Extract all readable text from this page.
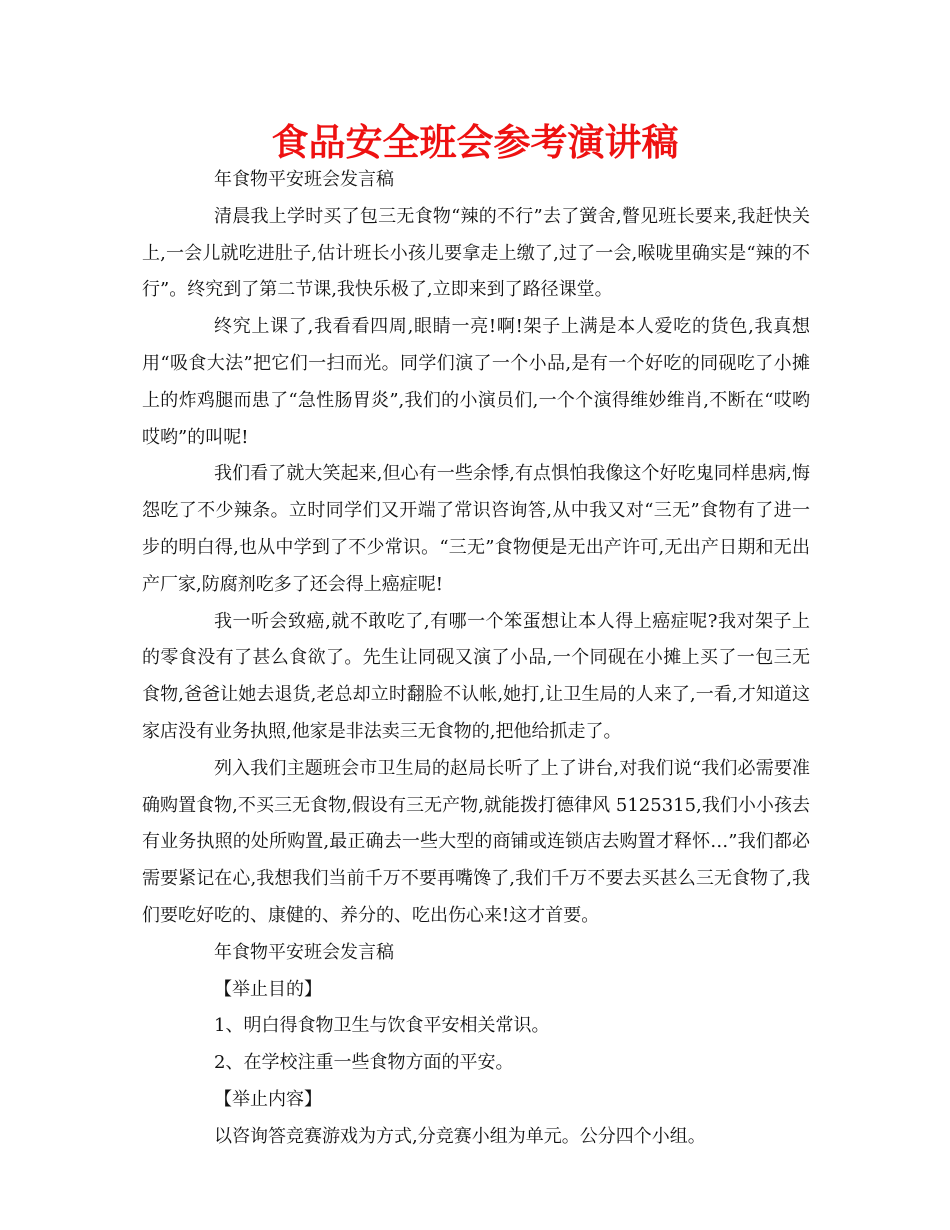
食品安全班会参考演讲稿

年食物平安班会发言稿

清晨我上学时买了包三无食物“辣的不行”去了黉舍,瞥见班长要来,我赶快关上,一会儿就吃进肚子,估计班长小孩儿要拿走上缴了,过了一会,喉咙里确实是“辣的不行”。终究到了第二节课,我快乐极了,立即来到了路径课堂。

终究上课了,我看看四周,眼睛一亮!啊!架子上满是本人爱吃的货色,我真想用“吸食大法”把它们一扫而光。同学们演了一个小品,是有一个好吃的同砚吃了小摊上的炸鸡腿而患了“急性肠胃炎”,我们的小演员们,一个个演得维妙维肖,不断在“哎哟哎哟”的叫呢!

我们看了就大笑起来,但心有一些余悸,有点惧怕我像这个好吃鬼同样患病,悔怨吃了不少辣条。立时同学们又开端了常识咨询答,从中我又对“三无”食物有了进一步的明白得,也从中学到了不少常识。“三无”食物便是无出产许可,无出产日期和无出产厂家,防腐剂吃多了还会得上癌症呢!

我一听会致癌,就不敢吃了,有哪一个笨蛋想让本人得上癌症呢?我对架子上的零食没有了甚么食欲了。先生让同砚又演了小品,一个同砚在小摊上买了一包三无食物,爸爸让她去退货,老总却立时翻脸不认帐,她打,让卫生局的人来了,一看,才知道这家店没有业务执照,他家是非法卖三无食物的,把他给抓走了。

列入我们主题班会市卫生局的赵局长听了上了讲台,对我们说“我们必需要准确购置食物,不买三无食物,假设有三无产物,就能拨打德律风 5125315,我们小小孩去有业务执照的处所购置,最正确去一些大型的商铺或连锁店去购置才释怀…”我们都必需要紧记在心,我想我们当前千万不要再嘴馋了,我们千万不要去买甚么三无食物了,我们要吃好吃的、康健的、养分的、吃出伤心来!这才首要。

年食物平安班会发言稿

【举止目的】

1、明白得食物卫生与饮食平安相关常识。

2、在学校注重一些食物方面的平安。

【举止内容】

以咨询答竞赛游戏为方式,分竞赛小组为单元。公分四个小组。
